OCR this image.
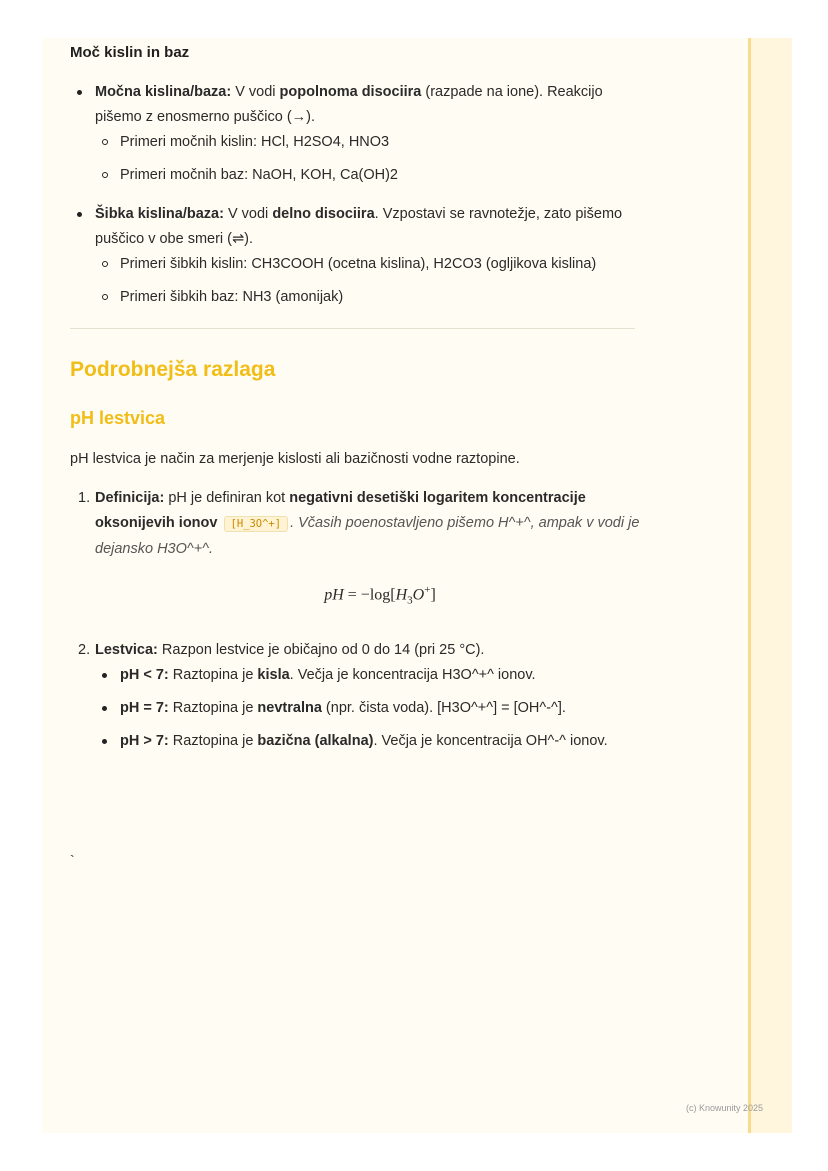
Moč kislin in baz
Močna kislina/baza: V vodi popolnoma disociira (razpade na ione). Reakcijo pišemo z enosmerno puščico (→).
Primeri močnih kislin: HCl, H2SO4, HNO3
Primeri močnih baz: NaOH, KOH, Ca(OH)2
Šibka kislina/baza: V vodi delno disociira. Vzpostavi se ravnotežje, zato pišemo puščico v obe smeri (⇌).
Primeri šibkih kislin: CH3COOH (ocetna kislina), H2CO3 (ogljikova kislina)
Primeri šibkih baz: NH3 (amonijak)
Podrobnejša razlaga
pH lestvica

pH lestvica je način za merjenje kislosti ali bazičnosti vodne raztopine.

1. Definicija: pH je definiran kot negativni desetiški logaritem koncentracije oksonijevih ionov [H_3O^+] . Včasih poenostavljeno pišemo H^+^, ampak v vodi je dejansko H3O^+^.
pH = $-\log[H_3O^+]$
2. Lestvica: Razpon lestvice je običajno od 0 do 14 (pri 25 °C).
pH < 7: Raztopina je kisla. Večja je koncentracija H3O^+^ ionov.
pH = 7: Raztopina je nevtralna (npr. čista voda). [H3O^+^] = [OH^-^].
pH > 7: Raztopina je bazična (alkalna). Večja je koncentracija OH^-^ ionov.
`
(c) Knowunity 2025
